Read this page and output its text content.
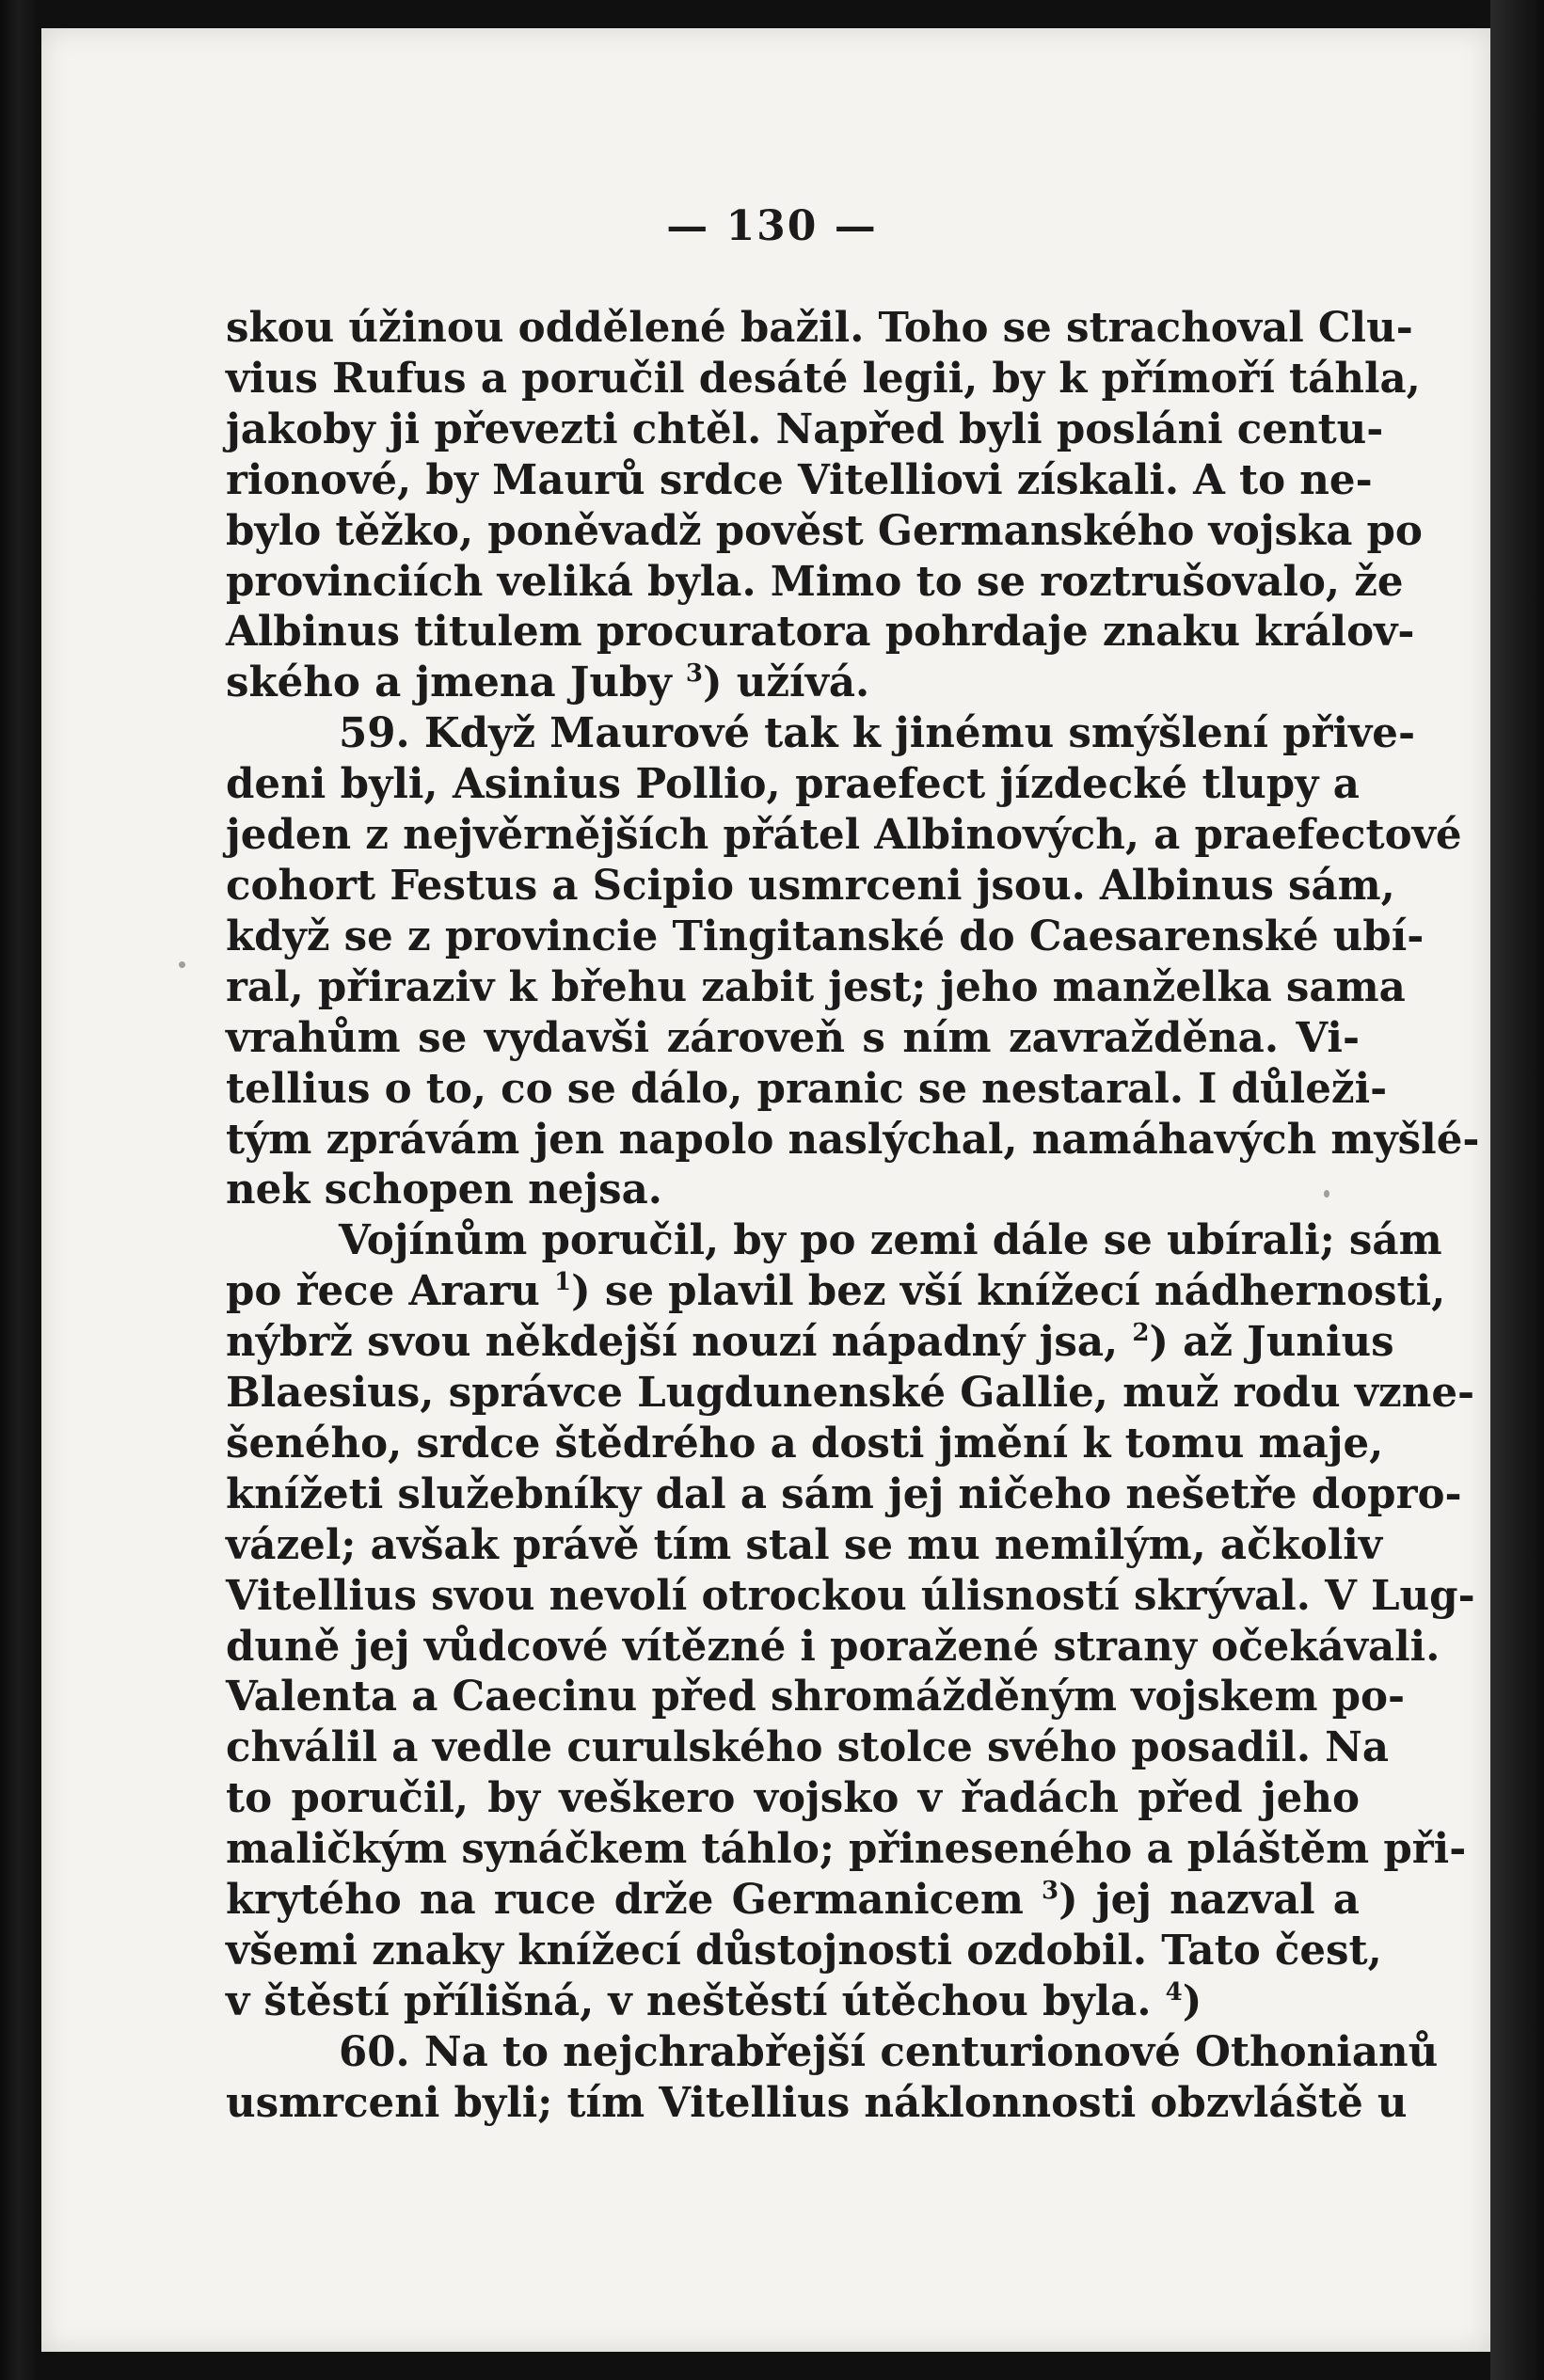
— 130 —
skou úžinou oddělené bažil. Toho se strachoval Clu-
vius Rufus a poručil desáté legii, by k přímoří táhla,
jakoby ji převezti chtěl. Napřed byli posláni centu-
rionové, by Maurů srdce Vitelliovi získali. A to ne-
bylo těžko, poněvadž pověst Germanského vojska po
provinciích veliká byla. Mimo to se roztrušovalo, že
Albinus titulem procuratora pohrdaje znaku králov-
ského a jmena Juby $^3$) užívá.
59. Když Maurové tak k jinému smýšlení přive-
deni byli, Asinius Pollio, praefect jízdecké tlupy a
jeden z nejvěrnějších přátel Albinových, a praefectové
cohort Festus a Scipio usmrceni jsou. Albinus sám,
když se z provincie Tingitanské do Caesarenské ubí-
ral, přiraziv k břehu zabit jest; jeho manželka sama
vrahům se vydavši zároveň s ním zavražděna. Vi-
tellius o to, co se dálo, pranic se nestaral. I důleži-
tým zprávám jen napolo naslýchal, namáhavých myšlé-
nek schopen nejsa.
Vojínům poručil, by po zemi dále se ubírali; sám
po řece Araru $^1$) se plavil bez vší knížecí nádhernosti,
nýbrž svou někdejší nouzí nápadný jsa, $^2$) až Junius
Blaesius, správce Lugdunenské Gallie, muž rodu vzne-
šeného, srdce štědrého a dosti jmění k tomu maje,
knížeti služebníky dal a sám jej ničeho nešetře dopro-
vázel; avšak právě tím stal se mu nemilým, ačkoliv
Vitellius svou nevolí otrockou úlisností skrýval. V Lug-
duně jej vůdcové vítězné i poražené strany očekávali.
Valenta a Caecinu před shromážděným vojskem po-
chválil a vedle curulského stolce svého posadil. Na
to poručil, by veškero vojsko v řadách před jeho
maličkým synáčkem táhlo; přineseného a pláštěm při-
krytého na ruce drže Germanicem $^3$) jej nazval a
všemi znaky knížecí důstojnosti ozdobil. Tato čest,
v štěstí přílišná, v neštěstí útěchou byla. $^4$)
60. Na to nejchrabřejší centurionové Othonianů
usmrceni byli; tím Vitellius náklonnosti obzvláště u
